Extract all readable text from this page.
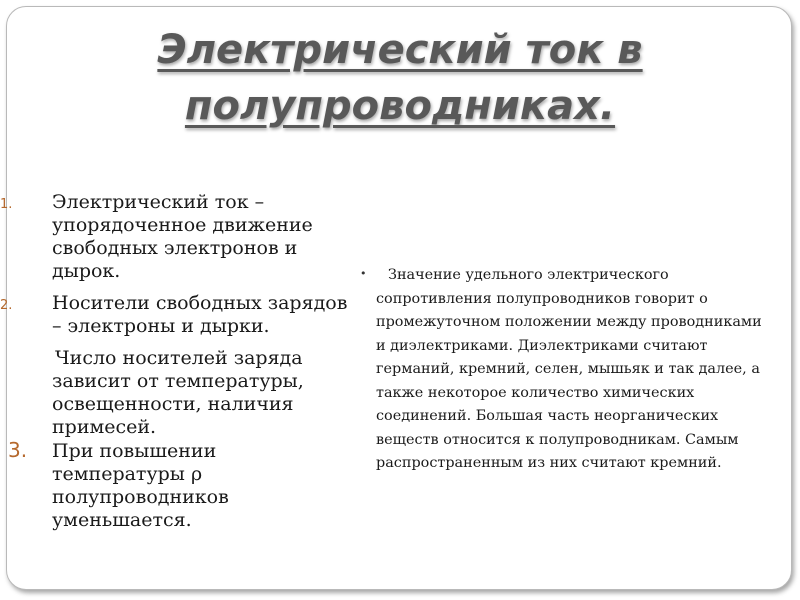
Электрический ток в
полупроводниках.
1. Электрический ток – упорядоченное движение свободных электронов и дырок.
2. Носители свободных зарядов – электроны и дырки.
Число носителей заряда зависит от температуры, освещенности, наличия примесей.
3. При повышении температуры ρ полупроводников уменьшается.
• Значение удельного электрического сопротивления полупроводников говорит о промежуточном положении между проводниками и диэлектриками. Диэлектриками считают германий, кремний, селен, мышьяк и так далее, а также некоторое количество химических соединений. Большая часть неорганических веществ относится к полупроводникам. Самым распространенным из них считают кремний.
